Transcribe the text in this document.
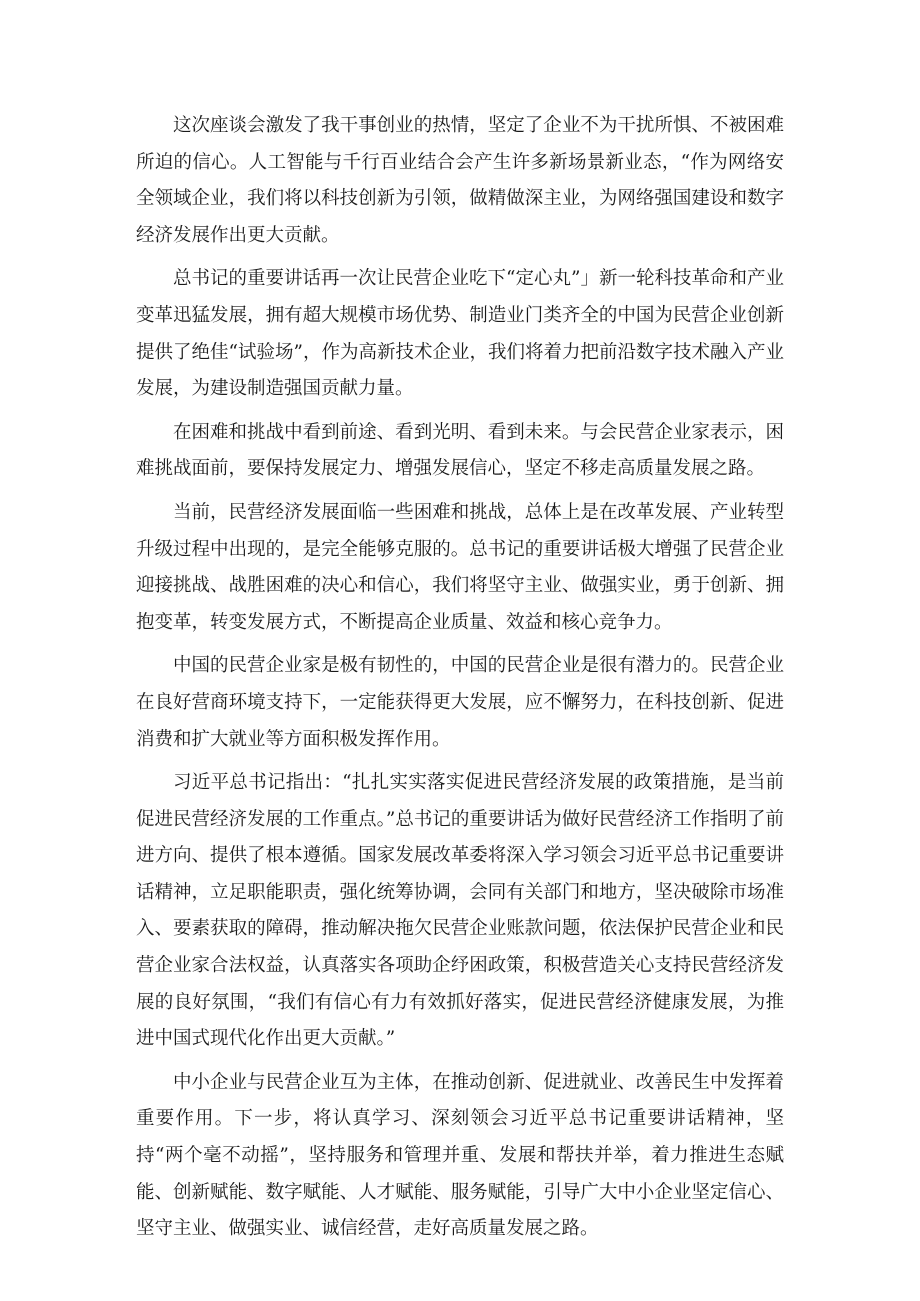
这次座谈会激发了我干事创业的热情，坚定了企业不为干扰所惧、不被困难所迫的信心。人工智能与千行百业结合会产生许多新场景新业态，“作为网络安全领域企业，我们将以科技创新为引领，做精做深主业，为网络强国建设和数字经济发展作出更大贡献。

总书记的重要讲话再一次让民营企业吃下“定心丸”」新一轮科技革命和产业变革迅猛发展，拥有超大规模市场优势、制造业门类齐全的中国为民营企业创新提供了绝佳“试验场”，作为高新技术企业，我们将着力把前沿数字技术融入产业发展，为建设制造强国贡献力量。

在困难和挑战中看到前途、看到光明、看到未来。与会民营企业家表示，困难挑战面前，要保持发展定力、增强发展信心，坚定不移走高质量发展之路。

当前，民营经济发展面临一些困难和挑战，总体上是在改革发展、产业转型升级过程中出现的，是完全能够克服的。总书记的重要讲话极大增强了民营企业迎接挑战、战胜困难的决心和信心，我们将坚守主业、做强实业，勇于创新、拥抱变革，转变发展方式，不断提高企业质量、效益和核心竞争力。

中国的民营企业家是极有韧性的，中国的民营企业是很有潜力的。民营企业在良好营商环境支持下，一定能获得更大发展，应不懈努力，在科技创新、促进消费和扩大就业等方面积极发挥作用。

习近平总书记指出：“扎扎实实落实促进民营经济发展的政策措施，是当前促进民营经济发展的工作重点。”总书记的重要讲话为做好民营经济工作指明了前进方向、提供了根本遵循。国家发展改革委将深入学习领会习近平总书记重要讲话精神，立足职能职责，强化统筹协调，会同有关部门和地方，坚决破除市场准入、要素获取的障碍，推动解决拖欠民营企业账款问题，依法保护民营企业和民营企业家合法权益，认真落实各项助企纾困政策，积极营造关心支持民营经济发展的良好氛围，“我们有信心有力有效抓好落实，促进民营经济健康发展，为推进中国式现代化作出更大贡献。”

中小企业与民营企业互为主体，在推动创新、促进就业、改善民生中发挥着重要作用。下一步，将认真学习、深刻领会习近平总书记重要讲话精神，坚持“两个毫不动摇”，坚持服务和管理并重、发展和帮扶并举，着力推进生态赋能、创新赋能、数字赋能、人才赋能、服务赋能，引导广大中小企业坚定信心、坚守主业、做强实业、诚信经营，走好高质量发展之路。
